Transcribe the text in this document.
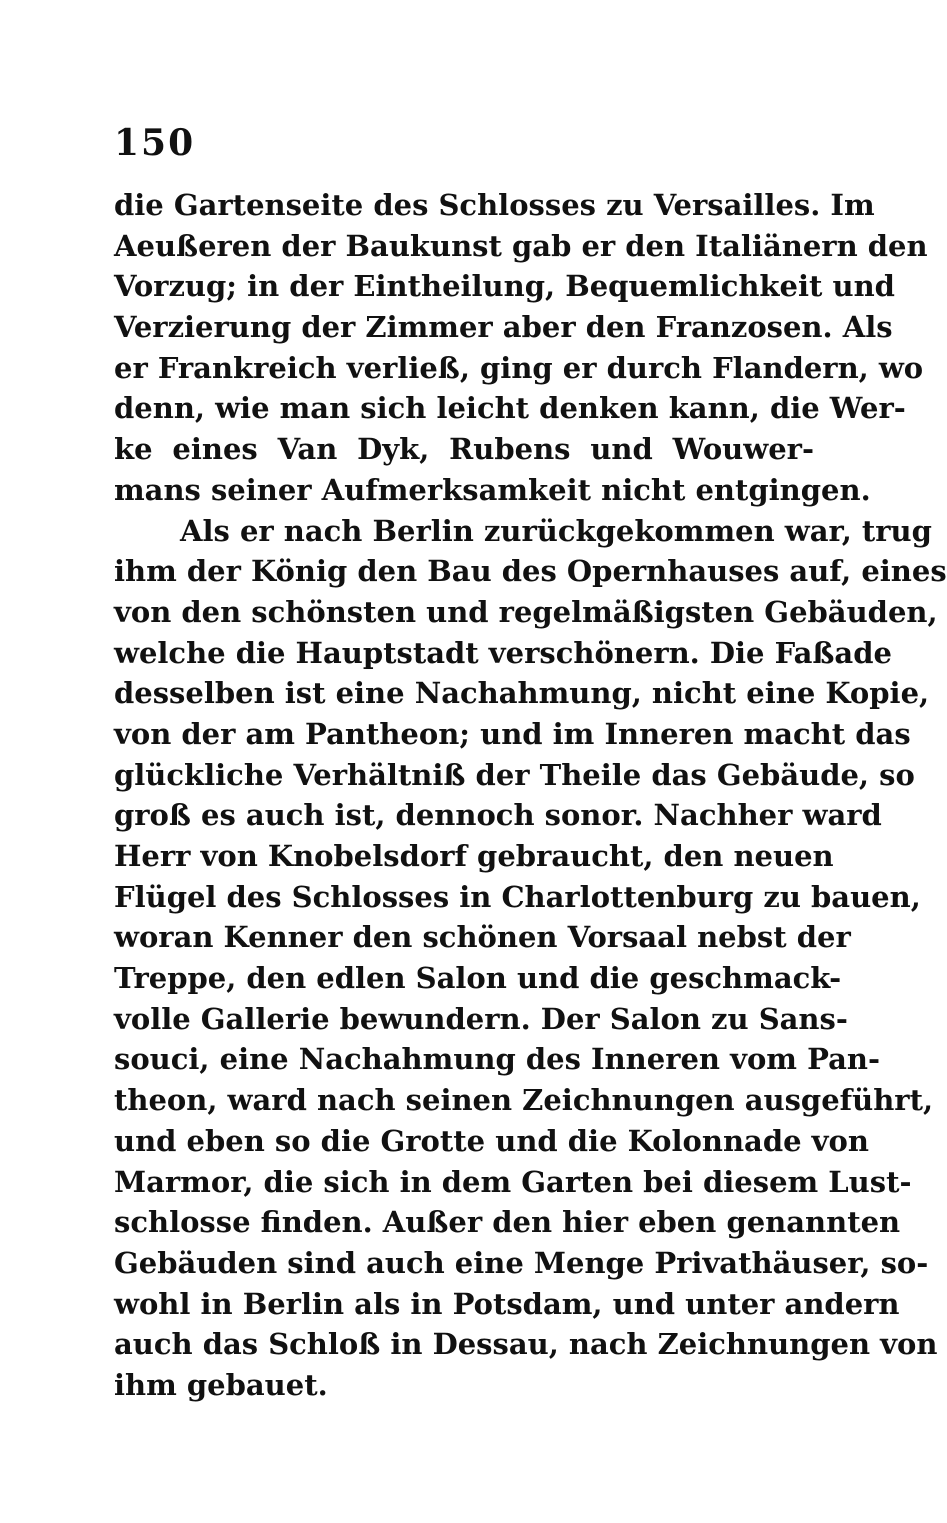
150
die Gartenseite des Schlosses zu Versailles. Im
Aeußeren der Baukunst gab er den Italiänern den
Vorzug; in der Eintheilung, Bequemlichkeit und
Verzierung der Zimmer aber den Franzosen. Als
er Frankreich verließ, ging er durch Flandern, wo
denn, wie man sich leicht denken kann, die Wer-
ke eines Van Dyk, Rubens und Wouwer-
mans seiner Aufmerksamkeit nicht entgingen.
Als er nach Berlin zurückgekommen war, trug
ihm der König den Bau des Opernhauses auf, eines
von den schönsten und regelmäßigsten Gebäuden,
welche die Hauptstadt verschönern. Die Faßade
desselben ist eine Nachahmung, nicht eine Kopie,
von der am Pantheon; und im Inneren macht das
glückliche Verhältniß der Theile das Gebäude, so
groß es auch ist, dennoch sonor. Nachher ward
Herr von Knobelsdorf gebraucht, den neuen
Flügel des Schlosses in Charlottenburg zu bauen,
woran Kenner den schönen Vorsaal nebst der
Treppe, den edlen Salon und die geschmack-
volle Gallerie bewundern. Der Salon zu Sans-
souci, eine Nachahmung des Inneren vom Pan-
theon, ward nach seinen Zeichnungen ausgeführt,
und eben so die Grotte und die Kolonnade von
Marmor, die sich in dem Garten bei diesem Lust-
schlosse finden. Außer den hier eben genannten
Gebäuden sind auch eine Menge Privathäuser, so-
wohl in Berlin als in Potsdam, und unter andern
auch das Schloß in Dessau, nach Zeichnungen von
ihm gebauet.
